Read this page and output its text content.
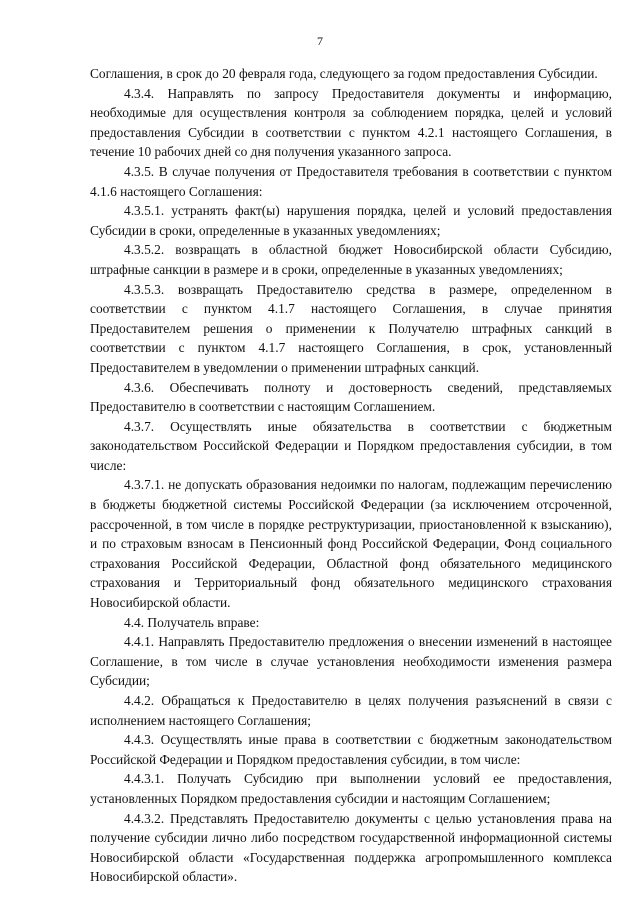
7

Соглашения, в срок до 20 февраля года, следующего за годом предоставления Субсидии.

4.3.4. Направлять по запросу Предоставителя документы и информацию, необходимые для осуществления контроля за соблюдением порядка, целей и условий предоставления Субсидии в соответствии с пунктом 4.2.1 настоящего Соглашения, в течение 10 рабочих дней со дня получения указанного запроса.

4.3.5. В случае получения от Предоставителя требования в соответствии с пунктом 4.1.6 настоящего Соглашения:

4.3.5.1. устранять факт(ы) нарушения порядка, целей и условий предоставления Субсидии в сроки, определенные в указанных уведомлениях;

4.3.5.2. возвращать в областной бюджет Новосибирской области Субсидию, штрафные санкции в размере и в сроки, определенные в указанных уведомлениях;

4.3.5.3. возвращать Предоставителю средства в размере, определенном в соответствии с пунктом 4.1.7 настоящего Соглашения, в случае принятия Предоставителем решения о применении к Получателю штрафных санкций в соответствии с пунктом 4.1.7 настоящего Соглашения, в срок, установленный Предоставителем в уведомлении о применении штрафных санкций.

4.3.6. Обеспечивать полноту и достоверность сведений, представляемых Предоставителю в соответствии с настоящим Соглашением.

4.3.7. Осуществлять иные обязательства в соответствии с бюджетным законодательством Российской Федерации и Порядком предоставления субсидии, в том числе:

4.3.7.1. не допускать образования недоимки по налогам, подлежащим перечислению в бюджеты бюджетной системы Российской Федерации (за исключением отсроченной, рассроченной, в том числе в порядке реструктуризации, приостановленной к взысканию), и по страховым взносам в Пенсионный фонд Российской Федерации, Фонд социального страхования Российской Федерации, Областной фонд обязательного медицинского страхования и Территориальный фонд обязательного медицинского страхования Новосибирской области.

4.4. Получатель вправе:

4.4.1. Направлять Предоставителю предложения о внесении изменений в настоящее Соглашение, в том числе в случае установления необходимости изменения размера Субсидии;

4.4.2. Обращаться к Предоставителю в целях получения разъяснений в связи с исполнением настоящего Соглашения;

4.4.3. Осуществлять иные права в соответствии с бюджетным законодательством Российской Федерации и Порядком предоставления субсидии, в том числе:

4.4.3.1. Получать Субсидию при выполнении условий ее предоставления, установленных Порядком предоставления субсидии и настоящим Соглашением;

4.4.3.2. Представлять Предоставителю документы с целью установления права на получение субсидии лично либо посредством государственной информационной системы Новосибирской области «Государственная поддержка агропромышленного комплекса Новосибирской области».
